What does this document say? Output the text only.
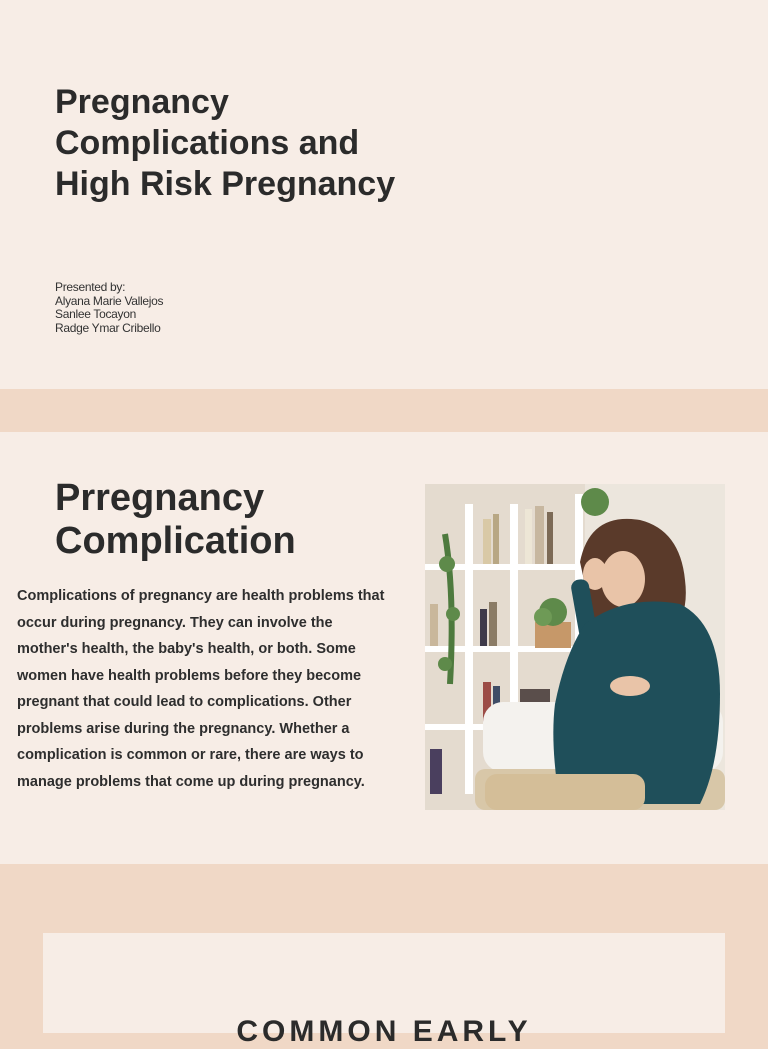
Pregnancy
Complications and
High Risk Pregnancy
Presented by:
Alyana Marie Vallejos
Sanlee Tocayon
Radge Ymar Cribello
Prregnancy
Complication

Complications of pregnancy are health problems that occur during pregnancy. They can involve the mother's health, the baby's health, or both. Some women have health problems before they become pregnant that could lead to complications. Other problems arise during the pregnancy. Whether a complication is common or rare, there are ways to manage problems that come up during pregnancy.

COMMON EARLY
